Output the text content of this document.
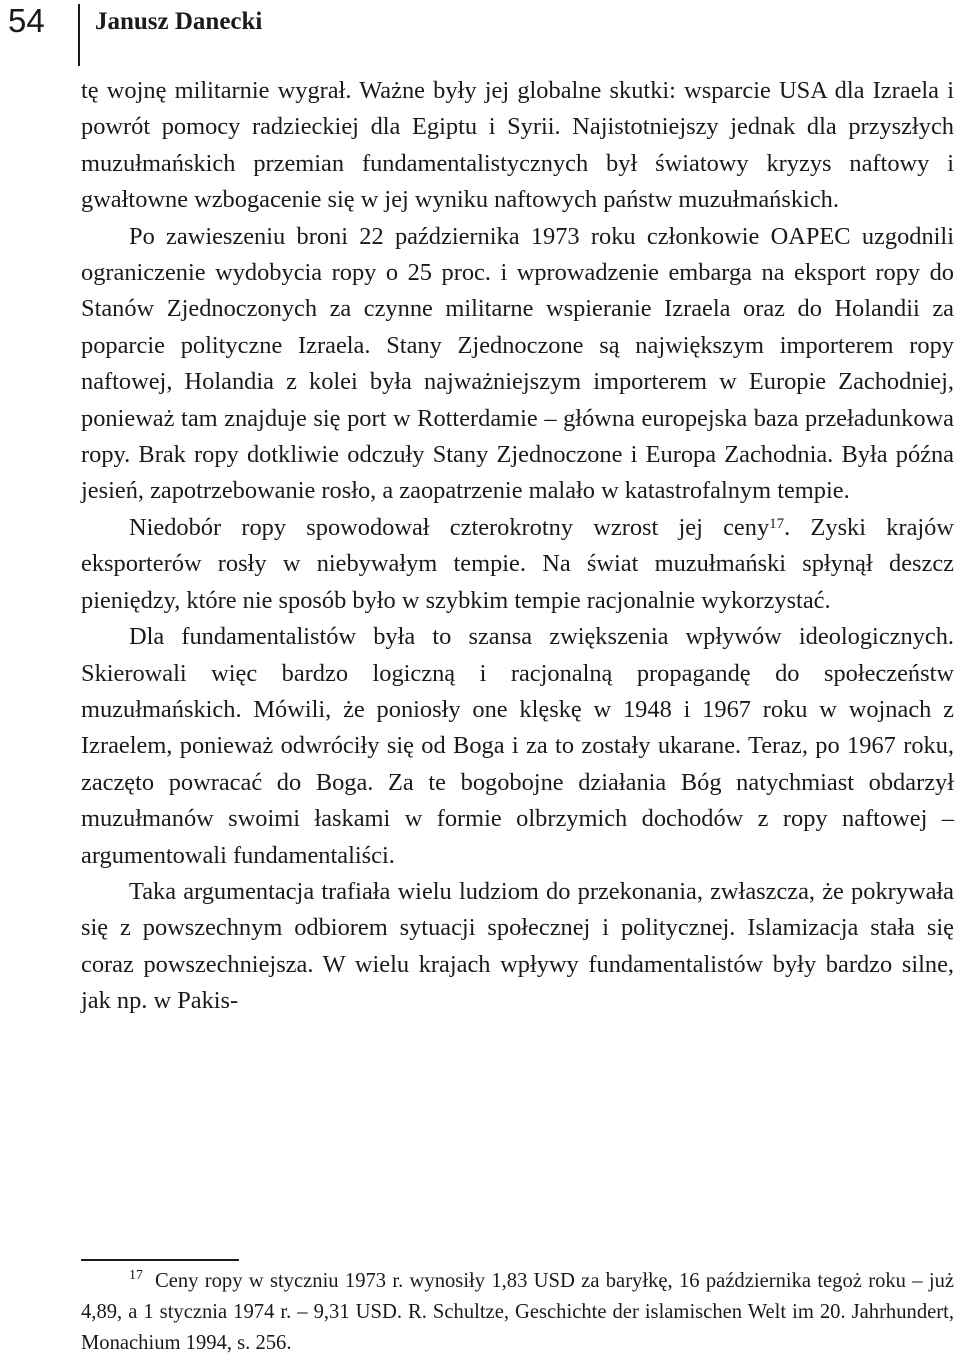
54 Janusz Danecki

tę wojnę militarnie wygrał. Ważne były jej globalne skutki: wsparcie USA dla Izraela i powrót pomocy radzieckiej dla Egiptu i Syrii. Najistotniejszy jednak dla przyszłych muzułmańskich przemian fundamentalistycznych był światowy kryzys naftowy i gwałtowne wzbogacenie się w jej wyniku naftowych państw muzułmańskich.

Po zawieszeniu broni 22 października 1973 roku członkowie OAPEC uzgodnili ograniczenie wydobycia ropy o 25 proc. i wprowadzenie embarga na eksport ropy do Stanów Zjednoczonych za czynne militarne wspieranie Izraela oraz do Holandii za poparcie polityczne Izraela. Stany Zjednoczone są największym importerem ropy naftowej, Holandia z kolei była najważniejszym importerem w Europie Zachodniej, ponieważ tam znajduje się port w Rotterdamie – główna europejska baza przeładunkowa ropy. Brak ropy dotkliwie odczuły Stany Zjednoczone i Europa Zachodnia. Była późna jesień, zapotrzebowanie rosło, a zaopatrzenie malało w katastrofalnym tempie.

Niedobór ropy spowodował czterokrotny wzrost jej ceny$^{17}$. Zyski krajów eksporterów rosły w niebywałym tempie. Na świat muzułmański spłynął deszcz pieniędzy, które nie sposób było w szybkim tempie racjonalnie wykorzystać.

Dla fundamentalistów była to szansa zwiększenia wpływów ideologicznych. Skierowali więc bardzo logiczną i racjonalną propagandę do społeczeństw muzułmańskich. Mówili, że poniosły one klęskę w 1948 i 1967 roku w wojnach z Izraelem, ponieważ odwróciły się od Boga i za to zostały ukarane. Teraz, po 1967 roku, zaczęto powracać do Boga. Za te bogobojne działania Bóg natychmiast obdarzył muzułmanów swoimi łaskami w formie olbrzymich dochodów z ropy naftowej – argumentowali fundamentaliści.

Taka argumentacja trafiała wielu ludziom do przekonania, zwłaszcza, że pokrywała się z powszechnym odbiorem sytuacji społecznej i politycznej. Islamizacja stała się coraz powszechniejsza. W wielu krajach wpływy fundamentalistów były bardzo silne, jak np. w Pakis-

$^{17}$ Ceny ropy w styczniu 1973 r. wynosiły 1,83 USD za baryłkę, 16 października tegoż roku – już 4,89, a 1 stycznia 1974 r. – 9,31 USD. R. Schultze, Geschichte der islamischen Welt im 20. Jahrhundert, Monachium 1994, s. 256.
